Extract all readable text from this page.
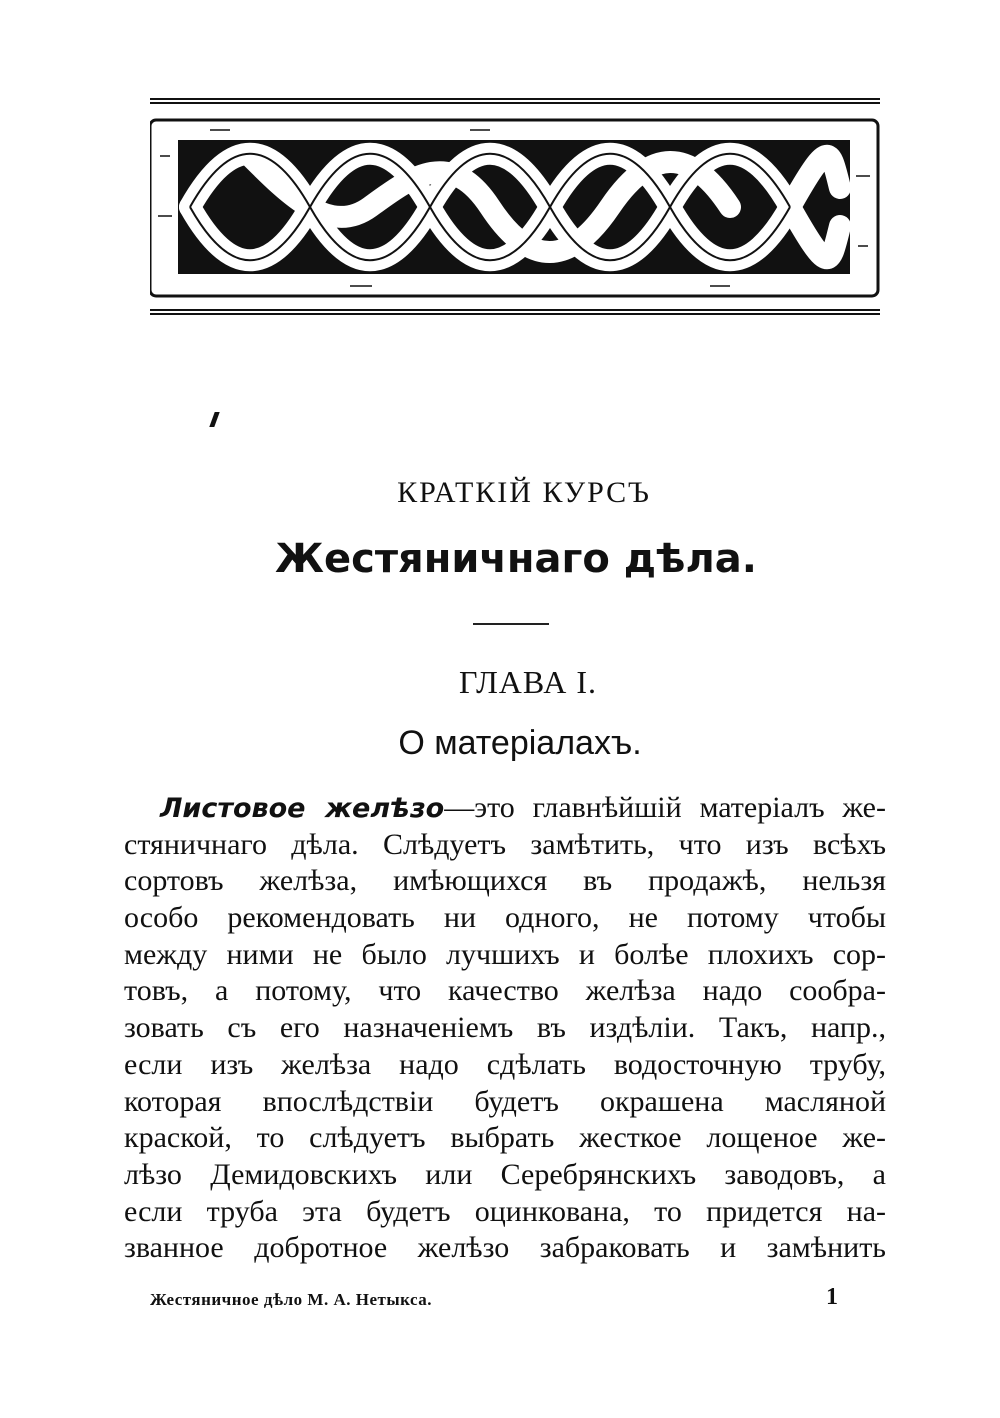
КРАТКІЙ КУРСЪ
Жестяничнаго дѣла.
ГЛАВА I.
О матеріалахъ.
Листовое желѣзо—это главнѣйшій матеріалъ же-
стяничнаго дѣла. Слѣдуетъ замѣтить, что изъ всѣхъ
сортовъ желѣза, имѣющихся въ продажѣ, нельзя
особо рекомендовать ни одного, не потому чтобы
между ними не было лучшихъ и болѣе плохихъ сор-
товъ, а потому, что качество желѣза надо сообра-
зовать съ его назначеніемъ въ издѣліи. Такъ, напр.,
если изъ желѣза надо сдѣлать водосточную трубу,
которая впослѣдствіи будетъ окрашена масляной
краской, то слѣдуетъ выбрать жесткое лощеное же-
лѣзо Демидовскихъ или Серебрянскихъ заводовъ, а
если труба эта будетъ оцинкована, то придется на-
званное добротное желѣзо забраковать и замѣнить
Жестяничное дѣло М. А. Нетыкса.	1
